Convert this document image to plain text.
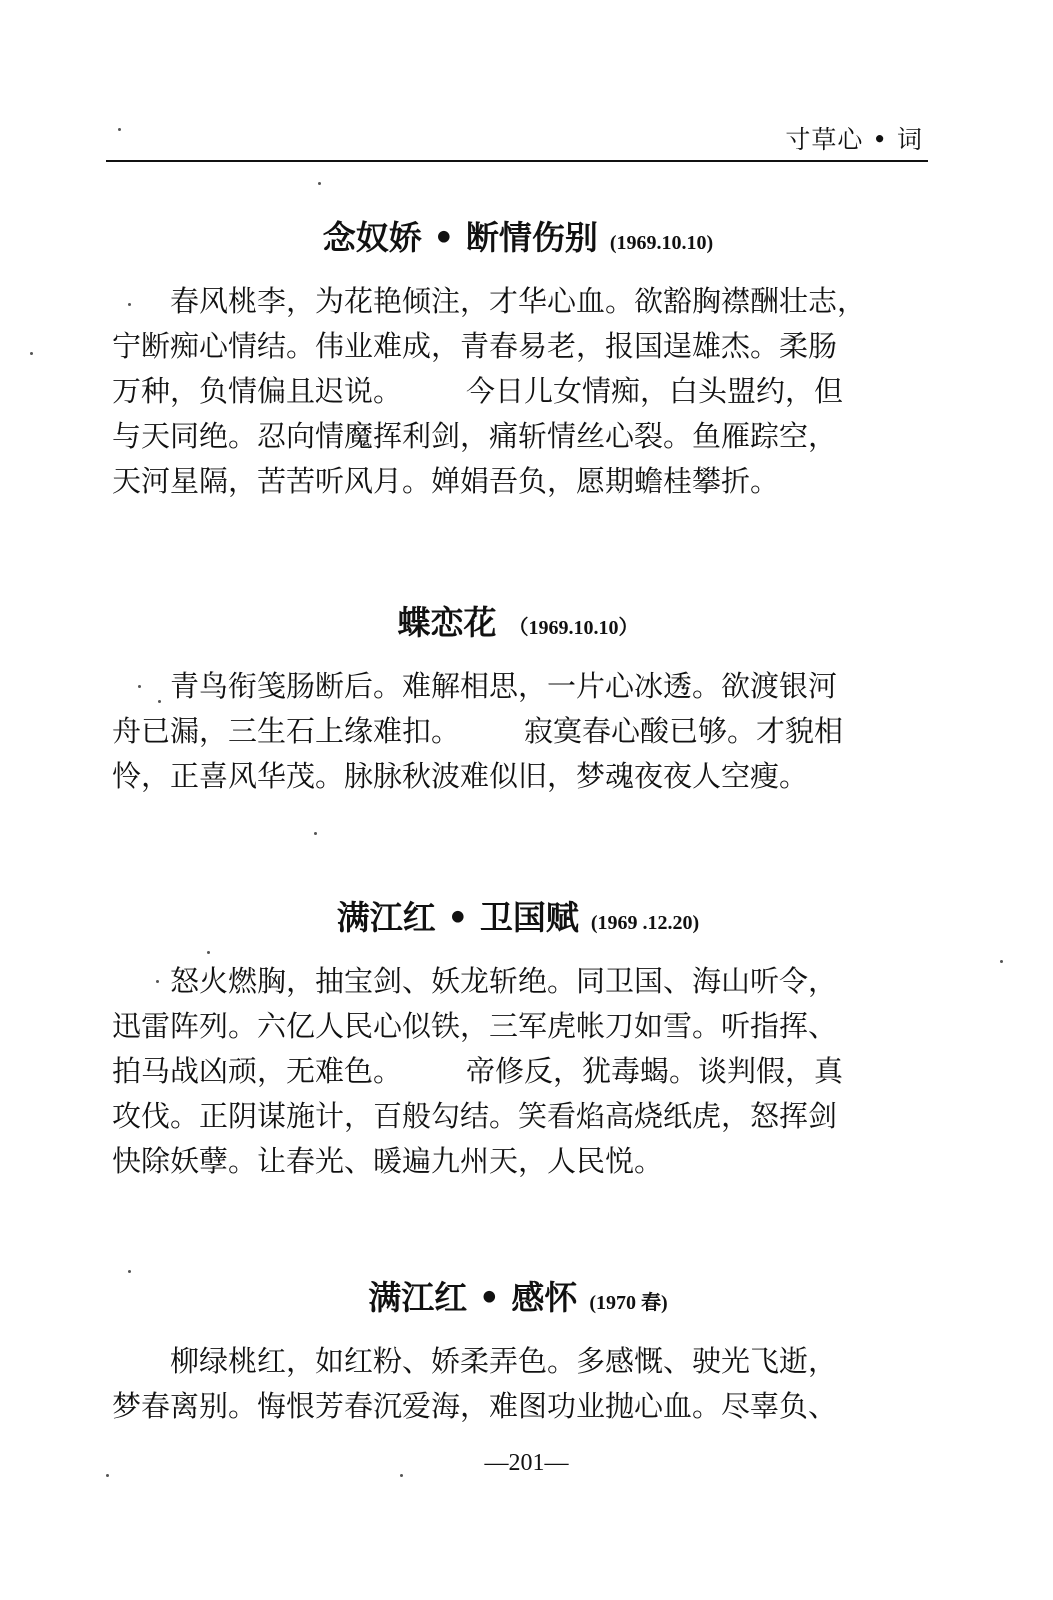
寸草心 • 词
念奴娇 • 断情伤别 (1969.10.10)
春风桃李，为花艳倾注，才华心血。欲豁胸襟酬壮志，
宁断痴心情结。伟业难成，青春易老，报国逞雄杰。柔肠
万种，负情偏且迟说。 今日儿女情痴，白头盟约，但
与天同绝。忍向情魔挥利剑，痛斩情丝心裂。鱼雁踪空，
天河星隔，苦苦听风月。婵娟吾负，愿期蟾桂攀折。
蝶恋花 （1969.10.10）
青鸟衔笺肠断后。难解相思，一片心冰透。欲渡银河
舟已漏，三生石上缘难扣。 寂寞春心酸已够。才貌相
怜，正喜风华茂。脉脉秋波难似旧，梦魂夜夜人空瘦。
满江红 • 卫国赋 (1969 .12.20)
怒火燃胸，抽宝剑、妖龙斩绝。同卫国、海山听令，
迅雷阵列。六亿人民心似铁，三军虎帐刀如雪。听指挥、
拍马战凶顽，无难色。 帝修反，犹毒蝎。谈判假，真
攻伐。正阴谋施计，百般勾结。笑看焰高烧纸虎，怒挥剑
快除妖孽。让春光、暖遍九州天，人民悦。
满江红 • 感怀 (1970 春)
柳绿桃红，如红粉、娇柔弄色。多感慨、驶光飞逝，
梦春离别。悔恨芳春沉爱海，难图功业抛心血。尽辜负、
—201—
